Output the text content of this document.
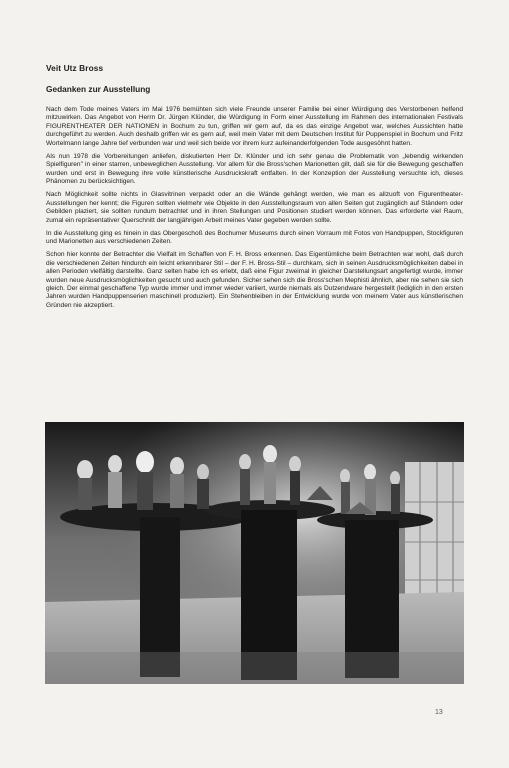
Veit Utz Bross
Gedanken zur Ausstellung

Nach dem Tode meines Vaters im Mai 1976 bemühten sich viele Freunde unserer Familie bei einer Würdigung des Verstorbenen helfend mitzuwirken. Das Angebot von Herrn Dr. Jürgen Klünder, die Würdigung in Form einer Ausstellung im Rahmen des internationalen Festivals FIGURENTHEATER DER NATIONEN in Bochum zu tun, griffen wir gern auf, da es das einzige Angebot war, welches Aussichten hatte durchgeführt zu werden. Auch deshalb griffen wir es gern auf, weil mein Vater mit dem Deutschen Institut für Puppenspiel in Bochum und Fritz Wortelmann lange Jahre tief verbunden war und weil sich beide vor ihrem kurz aufeinanderfolgenden Tode ausgesöhnt hatten.

Als nun 1978 die Vorbereitungen anliefen, diskutierten Herr Dr. Klünder und ich sehr genau die Problematik von „lebendig wirkenden Spielfiguren" in einer starren, unbeweglichen Ausstellung. Vor allem für die Bross'schen Marionetten gilt, daß sie für die Bewegung geschaffen wurden und erst in Bewegung ihre volle künstlerische Ausdruckskraft entfalten. In der Konzeption der Ausstellung versuchte ich, dieses Phänomen zu berücksichtigen.

Nach Möglichkeit sollte nichts in Glasvitrinen verpackt oder an die Wände gehängt werden, wie man es allzuoft von Figurentheater-Ausstellungen her kennt; die Figuren sollten vielmehr wie Objekte in den Ausstellungsraum von allen Seiten gut zugänglich auf Ständern oder Gebilden plaziert, sie sollten rundum betrachtet und in ihren Stellungen und Positionen studiert werden können. Das erforderte viel Raum, zumal ein repräsentativer Querschnitt der langjährigen Arbeit meines Vater gegeben werden sollte.

In die Ausstellung ging es hinein in das Obergeschoß des Bochumer Museums durch einen Vorraum mit Fotos von Handpuppen, Stockfiguren und Marionetten aus verschiedenen Zeiten.

Schon hier konnte der Betrachter die Vielfalt im Schaffen von F. H. Bross erkennen. Das Eigentümliche beim Betrachten war wohl, daß durch die verschiedenen Zeiten hindurch ein leicht erkennbarer Stil – der F. H. Bross-Stil – durchkam, sich in seinen Ausdrucksmöglichkeiten dabei in allen Perioden vielfältig darstellte. Ganz selten habe ich es erlebt, daß eine Figur zweimal in gleicher Darstellungsart angefertigt wurde, immer wurden neue Ausdrucksmöglichkeiten gesucht und auch gefunden. Sicher sehen sich die Bross'schen Mephisti ähnlich, aber nie sehen sie sich gleich. Der einmal geschaffene Typ wurde immer und immer wieder variiert, wurde niemals als Dutzendware hergestellt (lediglich in den ersten Jahren wurden Handpuppenserien maschinell produziert). Ein Stehenbleiben in der Entwicklung wurde von meinem Vater aus künstlerischen Gründen nie akzeptiert.

13
